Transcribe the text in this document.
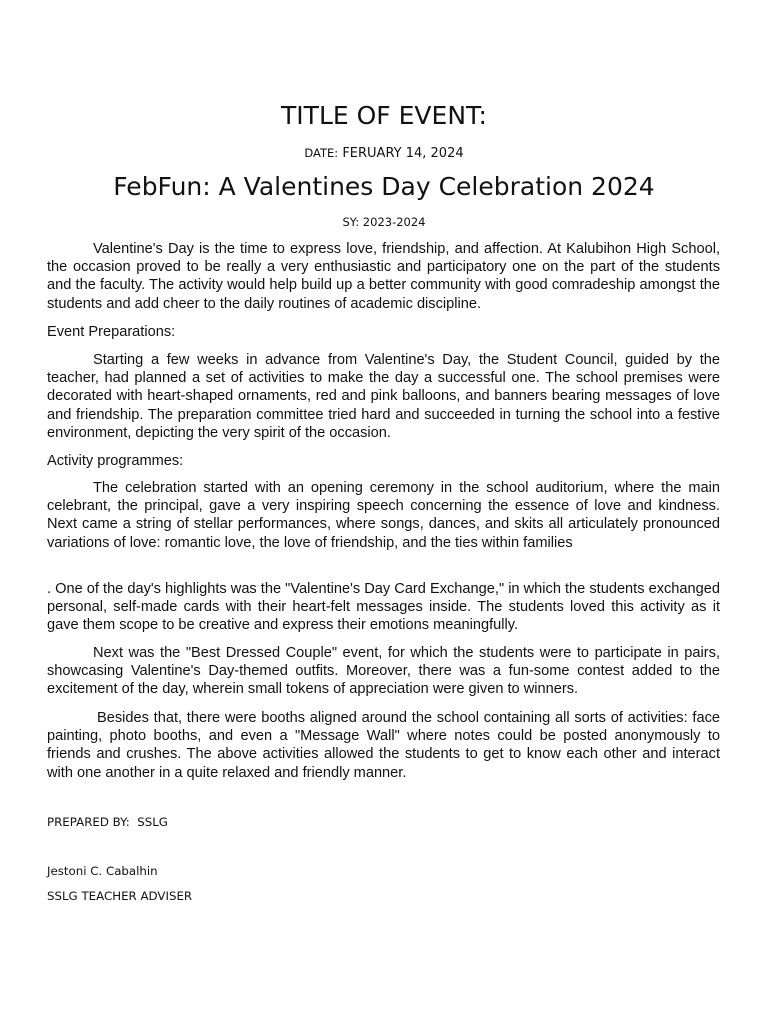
TITLE OF EVENT:
DATE: FERUARY 14, 2024
FebFun: A Valentines Day Celebration 2024
SY: 2023-2024

Valentine's Day is the time to express love, friendship, and affection. At Kalubihon High School, the occasion proved to be really a very enthusiastic and participatory one on the part of the students and the faculty. The activity would help build up a better community with good comradeship amongst the students and add cheer to the daily routines of academic discipline.

Event Preparations:

Starting a few weeks in advance from Valentine's Day, the Student Council, guided by the teacher, had planned a set of activities to make the day a successful one. The school premises were decorated with heart-shaped ornaments, red and pink balloons, and banners bearing messages of love and friendship. The preparation committee tried hard and succeeded in turning the school into a festive environment, depicting the very spirit of the occasion.

Activity programmes:

The celebration started with an opening ceremony in the school auditorium, where the main celebrant, the principal, gave a very inspiring speech concerning the essence of love and kindness. Next came a string of stellar performances, where songs, dances, and skits all articulately pronounced variations of love: romantic love, the love of friendship, and the ties within families

. One of the day's highlights was the "Valentine's Day Card Exchange," in which the students exchanged personal, self-made cards with their heart-felt messages inside. The students loved this activity as it gave them scope to be creative and express their emotions meaningfully.

Next was the "Best Dressed Couple" event, for which the students were to participate in pairs, showcasing Valentine's Day-themed outfits. Moreover, there was a fun-some contest added to the excitement of the day, wherein small tokens of appreciation were given to winners.

Besides that, there were booths aligned around the school containing all sorts of activities: face painting, photo booths, and even a "Message Wall" where notes could be posted anonymously to friends and crushes. The above activities allowed the students to get to know each other and interact with one another in a quite relaxed and friendly manner.

PREPARED BY:  SSLG
Jestoni C. Cabalhin
SSLG TEACHER ADVISER
